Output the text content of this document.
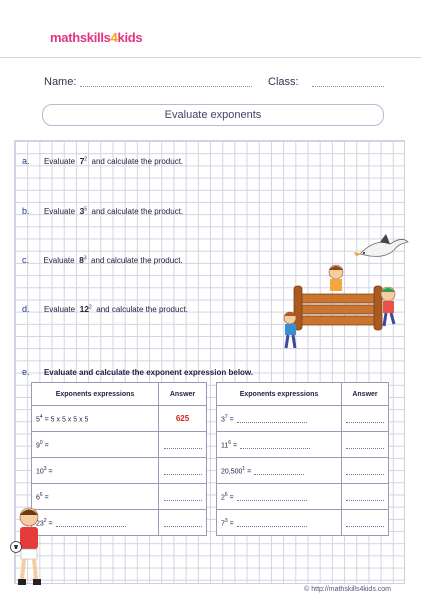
mathskills4kids
Name:	Class:
Evaluate exponents
a. Evaluate $7^2$ and calculate the product.
b. Evaluate $3^5$ and calculate the product.
c. Evaluate $8^3$ and calculate the product.
d. Evaluate $12^2$ and calculate the product.
e. Evaluate and calculate the exponent expression below.
Exponents expressions	Answer
$5^4 = 5$ x 5 x 5 x 5	625
$9^0$ =	
$10^3$ =	
$6^6$ =	
$23^2$ =	
Exponents expressions	Answer
$3^7$ =	
$11^6$ =	
$20,500^1$ =	
$2^6$ =	
$7^3$ =	
© http://mathskills4kids.com
